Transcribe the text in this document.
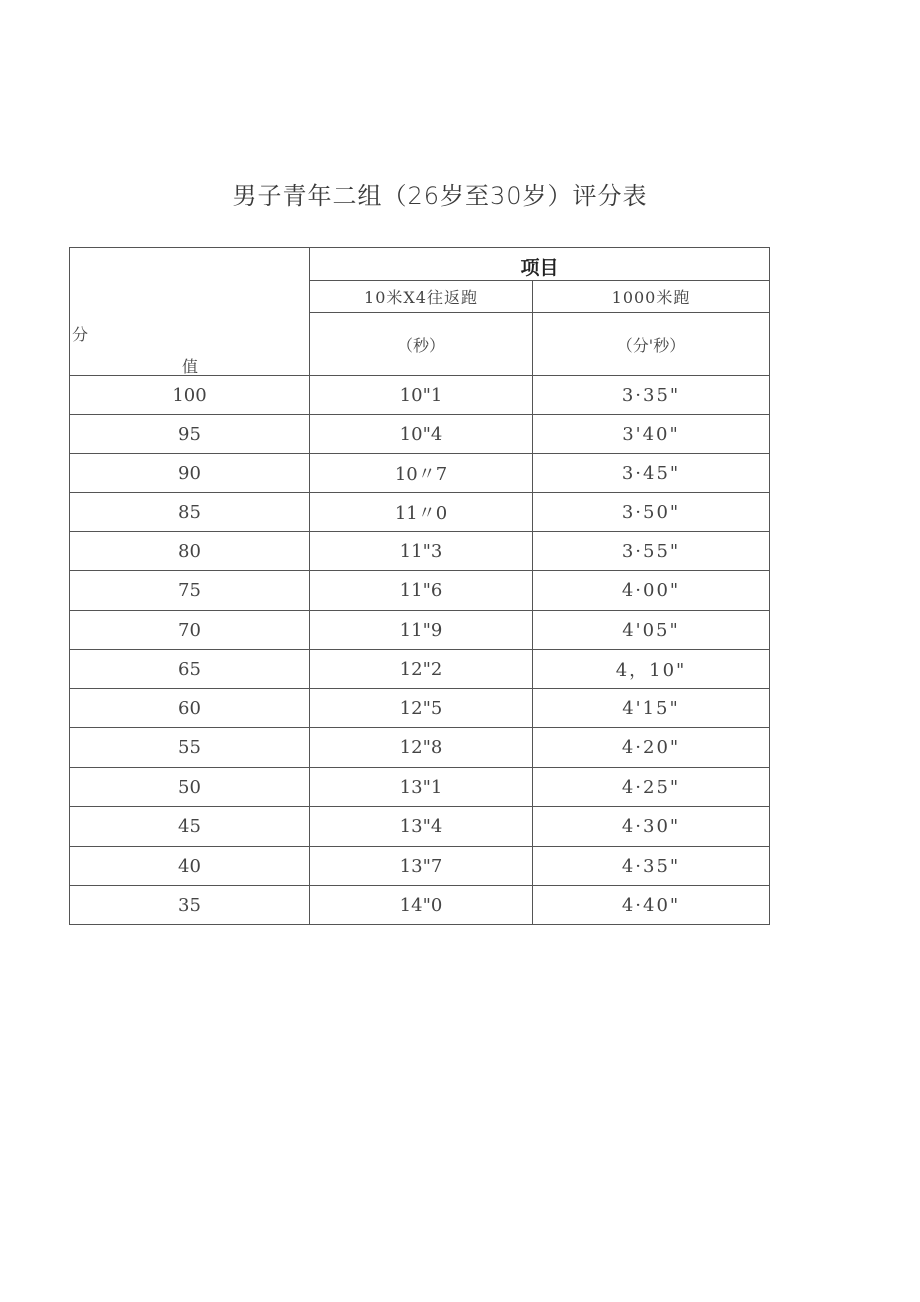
男子青年二组（26岁至30岁）评分表
分
值	项目	
	10米X4往返跑	1000米跑
	（秒）	（分'秒）
100	10"1	3·35"
95	10"4	3'40"
90	10〃7	3·45"
85	11〃0	3·50"
80	11"3	3·55"
75	11"6	4·00"
70	11"9	4'05"
65	12"2	4，10"
60	12"5	4'15"
55	12"8	4·20"
50	13"1	4·25"
45	13"4	4·30"
40	13"7	4·35"
35	14"0	4·40"
